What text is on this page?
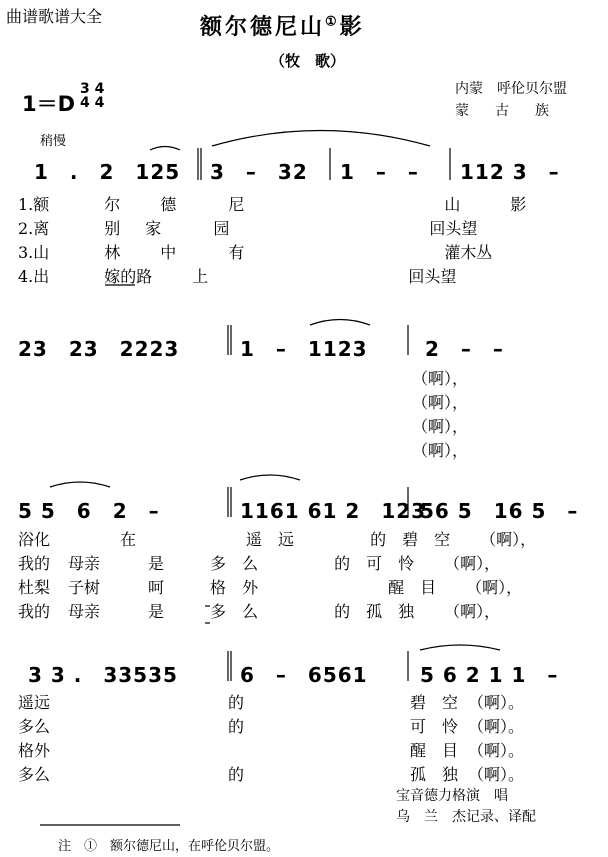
曲谱歌谱大全	额尔德尼山①影
（牧　歌）
内蒙　呼伦贝尔盟
蒙古族
1＝D
3 4
4 4
稍慢
1　.　2　125 3　–　32 1　–　– 112 3　–
1.额	尔	德	尼	山	影
2.离	别 家	园	回头望
3.山	林	中	有	灌木丛
4.出	嫁的路	上	回头望
23　23　2223	1　–　1123	2　–　–
（啊），
（啊），
（啊），
（啊），
5 5　6　2　–	1161 61 2　123
56 5　16 5　–
浴化	在	遥 远	的 碧 空 （啊），
我的 母亲	是	多 么	的 可 怜 （啊），
杜梨 子树	呵	格 外	醒 目 （啊），
我的 母亲	是	多 么	的 孤 独 （啊），
3 3 .　33535	6　–　6561	5 6 2 1 1　–
遥远	的	碧 空 （啊）。
多么	的	可 怜 （啊）。
格外	醒 目 （啊）。
多么	的	孤 独 （啊）。
宝音德力格演　唱
乌　兰　杰记录、译配
注　①　额尔德尼山，在呼伦贝尔盟。
